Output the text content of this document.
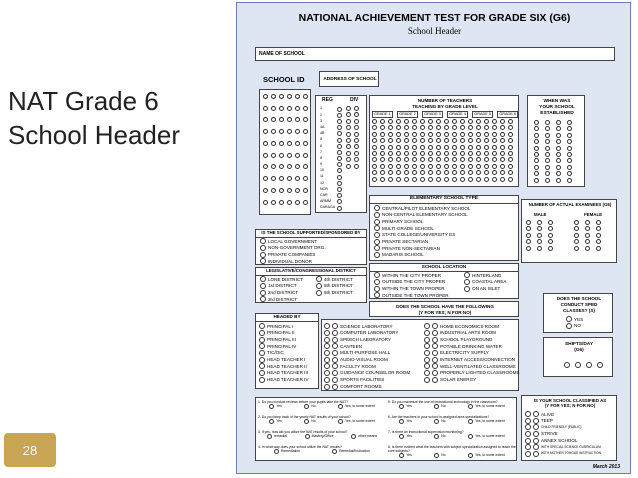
NAT Grade 6
School Header
28
NATIONAL ACHIEVEMENT TEST FOR GRADE SIX (G6)
School Header
NAME OF SCHOOL
SCHOOL ID	ADDRESS OF SCHOOL
REG	DIV
1
2
3
4A
4B
5
6
7
8
9
10
11
12
NCR
CAR
ARMM
CARAGA
NUMBER OF TEACHERS
TEACHING BY GRADE LEVEL
GRADE 1	GRADE 2	GRADE 3	GRADE 4	GRADE 5	GRADE 6
WHEN WAS
YOUR SCHOOL
ESTABLISHED
ELEMENTARY SCHOOL TYPE
CENTRAL/PILOT ELEMENTARY SCHOOL
NON-CENTRAL ELEMENTARY SCHOOL
PRIMARY SCHOOL
MULTI-GRADE SCHOOL
STATE COLLEGE/UNIVERSITY ES
PRIVATE SECTARIAN
PRIVATE NON-SECTARIAN
MADARIS SCHOOL
NUMBER OF ACTUAL EXAMINEES (G6)
MALE	FEMALE
IS THE SCHOOL SUPPORTED/SPONSORED BY
LOCAL GOVERNMENT
NON-GOVERNMENT ORG.
PRIVATE COMPANIES
INDIVIDUAL DONOR
LEGISLATIVE/CONGRESSIONAL DISTRICT
LONE DISTRICT
1st DISTRICT
2nd DISTRICT
3rd DISTRICT
4th DISTRICT
5th DISTRICT
6th DISTRICT
SCHOOL LOCATION
WITHIN THE CITY PROPER
OUTSIDE THE CITY PROPER
WITHIN THE TOWN PROPER
OUTSIDE THE TOWN PROPER
HINTERLAND
COASTAL AREA
ON AN ISLET
DOES THE SCHOOL HAVE THE FOLLOWING
(Y FOR YES; N FOR NO)
HEADED BY
PRINCIPAL I
PRINCIPAL II
PRINCIPAL III
PRINCIPAL IV
TIC/OIC
HEAD TEACHER I
HEAD TEACHER II
HEAD TEACHER III
HEAD TEACHER IV
SCIENCE LABORATORY
COMPUTER LABORATORY
SPEECH LABORATORY
CANTEEN
MULTI-PURPOSE HALL
AUDIO-VISUAL ROOM
FACULTY ROOM
GUIDANCE COUNSELOR ROOM
SPORTS FACILITIES
COMFORT ROOMS
HOME ECONOMICS ROOM
INDUSTRIAL ARTS ROOM
SCHOOL PLAYGROUND
POTABLE DRINKING WATER
ELECTRICITY SUPPLY
INTERNET ACCESS/CONNECTION
WELL-VENTILATED CLASSROOMS
PROPERLY LIGHTED CLASSROOMS
SOLAR ENERGY
DOES THE SCHOOL
CONDUCT SPED
CLASSES? (S)
YES
NO
SHIFTS/DAY
(G6)
1. Do you conduct reviews before your pupils take the NAT?
Yes	No	Yes, to some extent
2. Do you keep track of the yearly NAT results of your school?
Yes	No	Yes, to some extent
3. If yes, how did you utilize the NAT results of your school?
remedial	Mastery/Office	other means
4. In what way does your school utilize the NAT results?
Remediation	Remedial/Instruction
5. Do you maximize the use of instructional technology in the classroom?
Yes	No	Yes, to some extent
6. Are the teachers in your school in-assigned area specializations?
Yes	No	Yes, to some extent
7. Is there an instructional supervision/monitoring?
Yes	No	Yes, to some extent
8. Is there evident what the teachers with subject specialization assigned to teach the core subjects?
Yes	No	Yes, to some extent
IS YOUR SCHOOL CLASSIFIED AS
(Y FOR YES; N FOR NO)
ALIVE
TEEP
CHILD FRIENDLY (PUBLIC)
STRIVE
ANNEX SCHOOL
WITH SPECIAL SCIENCE CURRICULUM
WITH MOTHER TONGUE INSTRUCTION
March 2013
